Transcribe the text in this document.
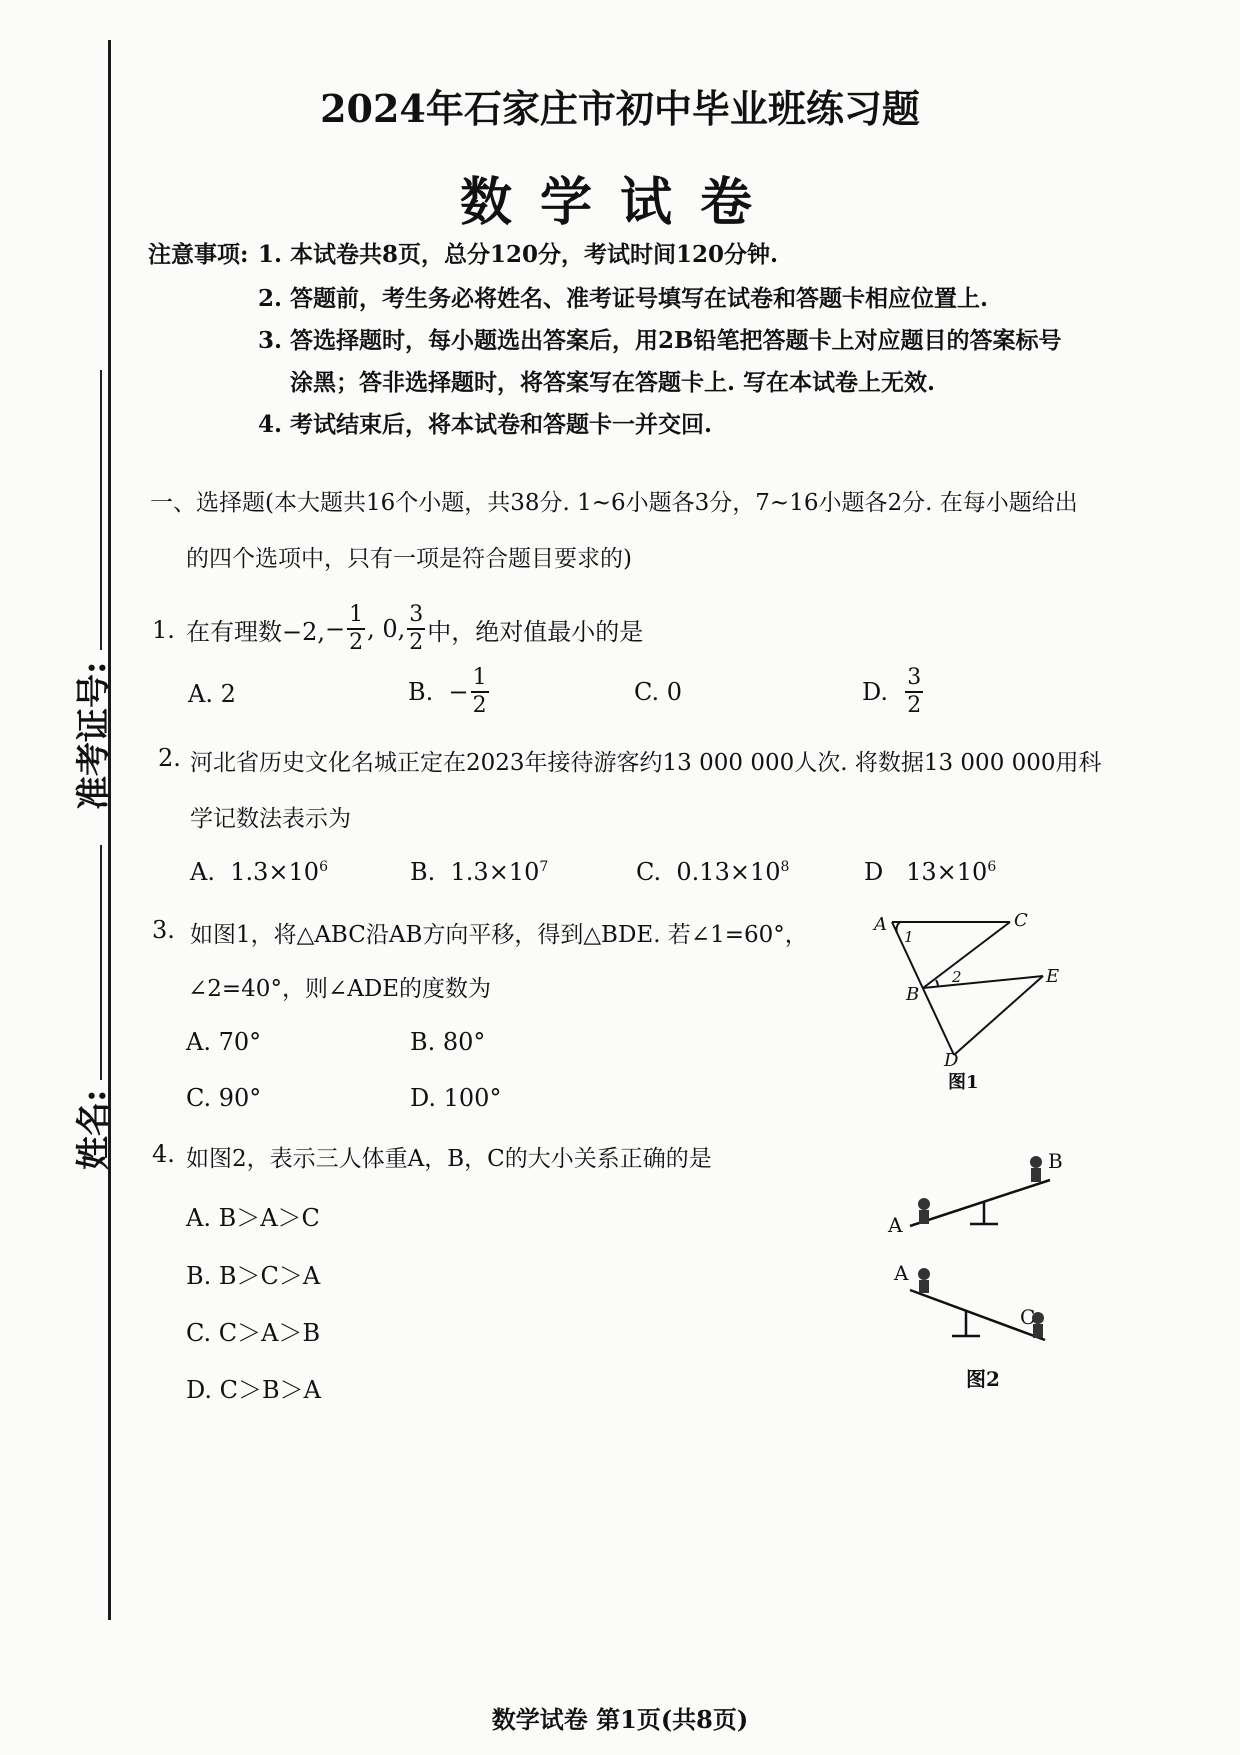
准考证号:
姓名:
2024年石家庄市初中毕业班练习题
数学试卷
注意事项: 1. 本试卷共8页，总分120分，考试时间120分钟.
2. 答题前，考生务必将姓名、准考证号填写在试卷和答题卡相应位置上.
3. 答选择题时，每小题选出答案后，用2B铅笔把答题卡上对应题目的答案标号
涂黑；答非选择题时，将答案写在答题卡上. 写在本试卷上无效.
4. 考试结束后，将本试卷和答题卡一并交回.
一、选择题(本大题共16个小题，共38分. 1~6小题各3分，7~16小题各2分. 在每小题给出
的四个选项中，只有一项是符合题目要求的)
1. 在有理数−2, − $\frac{1}{2}$ , 0, $\frac{3}{2}$ 中，绝对值最小的是
A. 2	B.
− $\frac{1}{2}$	C. 0	D.
$\frac{3}{2}$
2. 河北省历史文化名城正定在2023年接待游客约13 000 000人次. 将数据13 000 000用科
学记数法表示为
A. $1.3\times 10^6$	B. $1.3\times 10^7$	C. $0.13\times 10^8$	D $13\times 10^6$
3. 如图1，将△ABC沿AB方向平移，得到△BDE. 若∠1=60°，
∠2=40°，则∠ADE的度数为
A. 70°	B. 80°
C. 90°	D. 100°
A	C
B
E
D
1
2
图1
4. 如图2，表示三人体重A，B，C的大小关系正确的是
A. B＞A＞C
B. B＞C＞A
C. C＞A＞B
D. C＞B＞A
A
B
A
C
图2
数学试卷 第1页(共8页)
